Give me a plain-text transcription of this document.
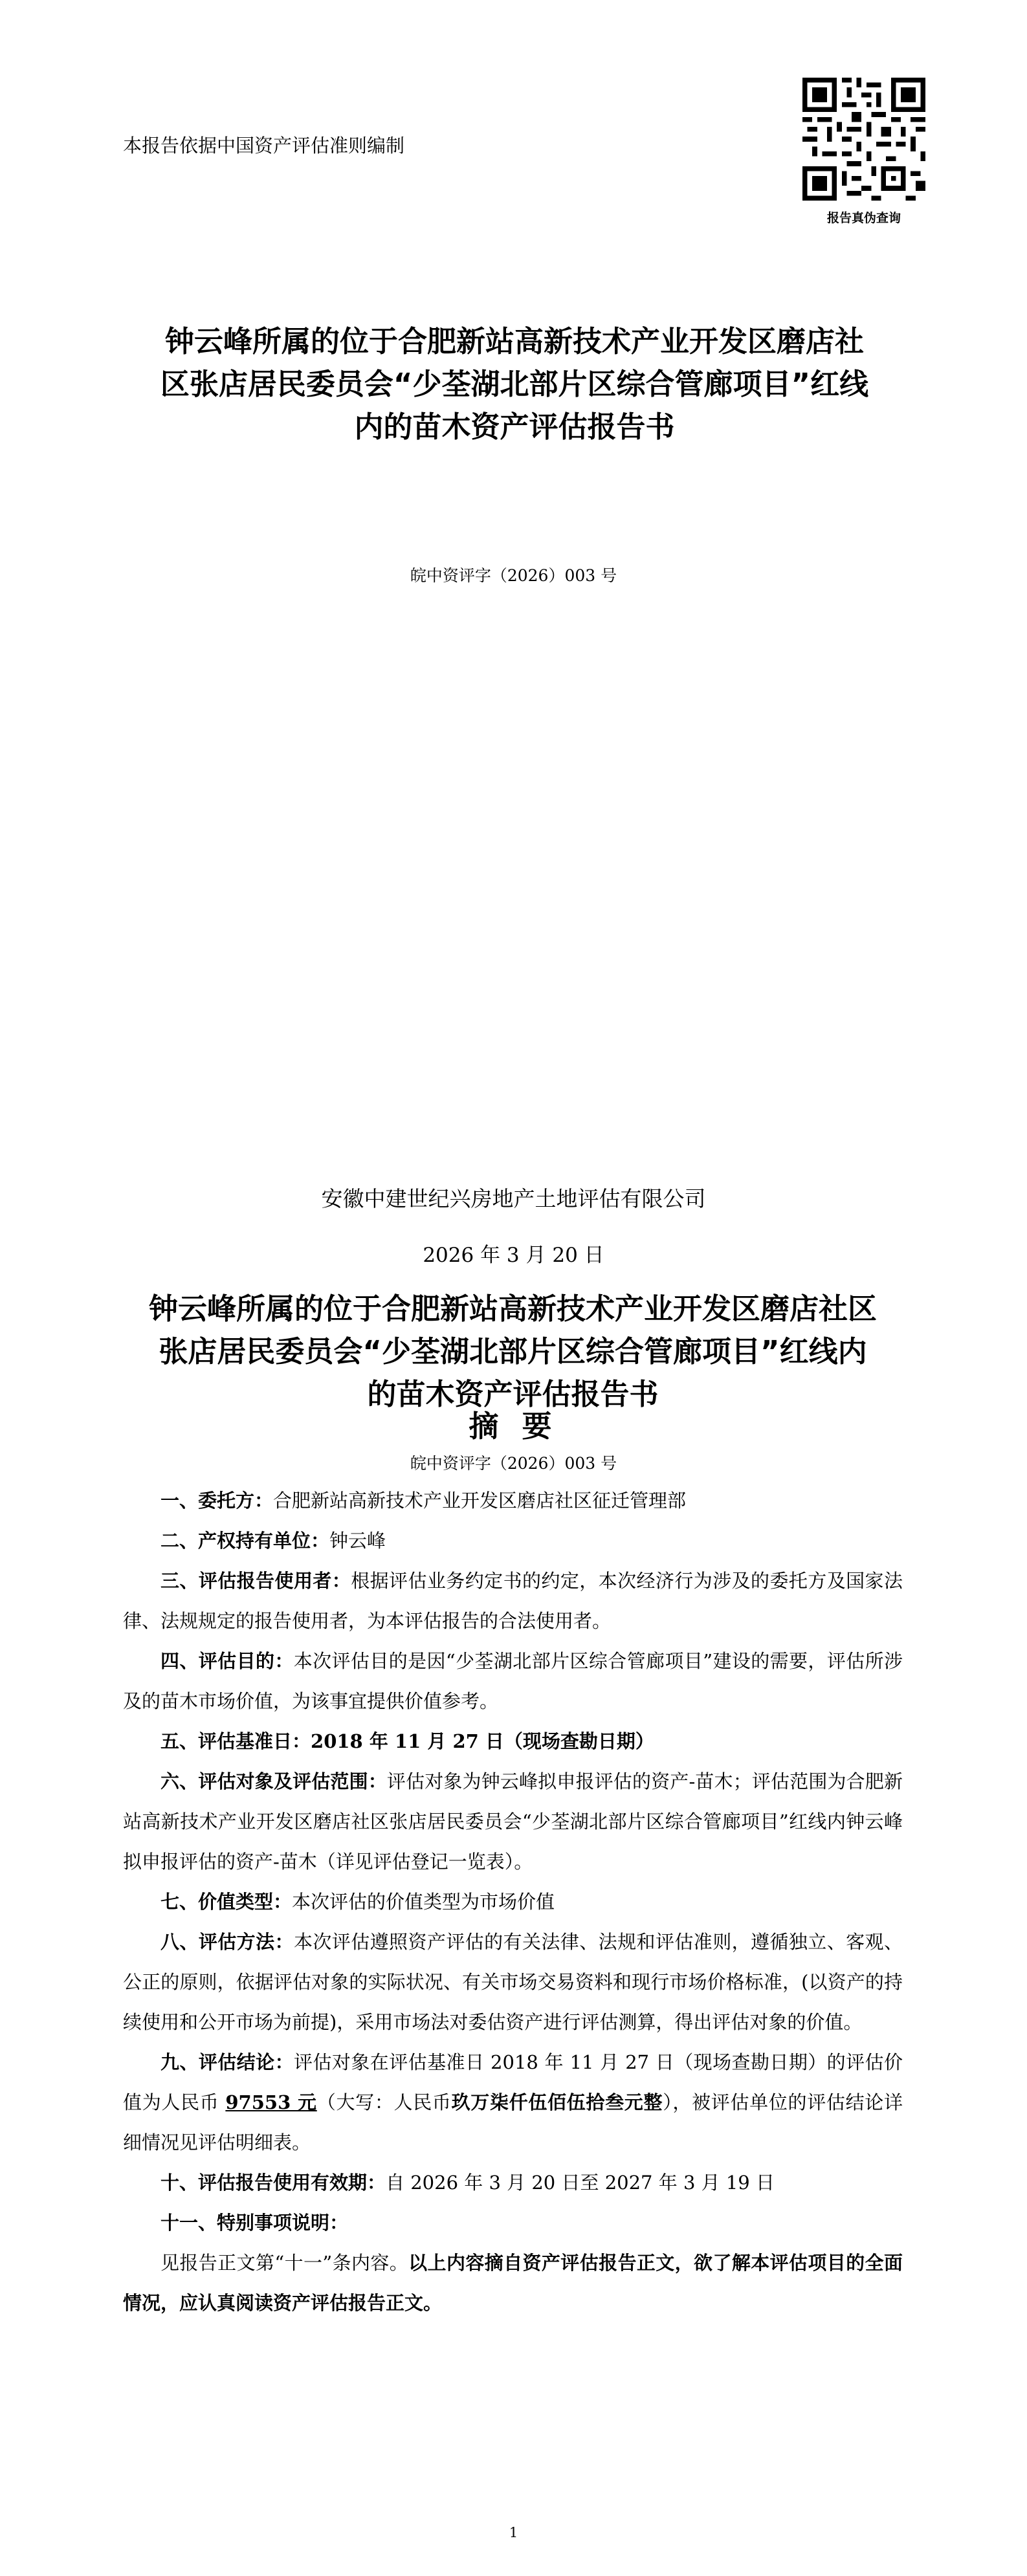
本报告依据中国资产评估准则编制
报告真伪查询
钟云峰所属的位于合肥新站高新技术产业开发区磨店社
区张店居民委员会“少荃湖北部片区综合管廊项目”红线
内的苗木资产评估报告书
皖中资评字（2026）003 号
安徽中建世纪兴房地产土地评估有限公司
2026 年 3 月 20 日
钟云峰所属的位于合肥新站高新技术产业开发区磨店社区
张店居民委员会“少荃湖北部片区综合管廊项目”红线内
的苗木资产评估报告书
摘 要
皖中资评字（2026）003 号

一、委托方：合肥新站高新技术产业开发区磨店社区征迁管理部

二、产权持有单位：钟云峰

三、评估报告使用者：根据评估业务约定书的约定，本次经济行为涉及的委托方及国家法律、法规规定的报告使用者，为本评估报告的合法使用者。

四、评估目的：本次评估目的是因“少荃湖北部片区综合管廊项目”建设的需要，评估所涉及的苗木市场价值，为该事宜提供价值参考。

五、评估基准日：2018 年 11 月 27 日（现场查勘日期）

六、评估对象及评估范围：评估对象为钟云峰拟申报评估的资产-苗木；评估范围为合肥新站高新技术产业开发区磨店社区张店居民委员会“少荃湖北部片区综合管廊项目”红线内钟云峰拟申报评估的资产-苗木（详见评估登记一览表）。

七、价值类型：本次评估的价值类型为市场价值

八、评估方法：本次评估遵照资产评估的有关法律、法规和评估准则，遵循独立、客观、公正的原则，依据评估对象的实际状况、有关市场交易资料和现行市场价格标准，(以资产的持续使用和公开市场为前提)，采用市场法对委估资产进行评估测算，得出评估对象的价值。

九、评估结论：评估对象在评估基准日 2018 年 11 月 27 日（现场查勘日期）的评估价值为人民币 97553 元（大写：人民币玖万柒仟伍佰伍拾叁元整），被评估单位的评估结论详细情况见评估明细表。

十、评估报告使用有效期：自 2026 年 3 月 20 日至 2027 年 3 月 19 日

十一、特别事项说明：

见报告正文第“十一”条内容。以上内容摘自资产评估报告正文，欲了解本评估项目的全面情况，应认真阅读资产评估报告正文。

1
